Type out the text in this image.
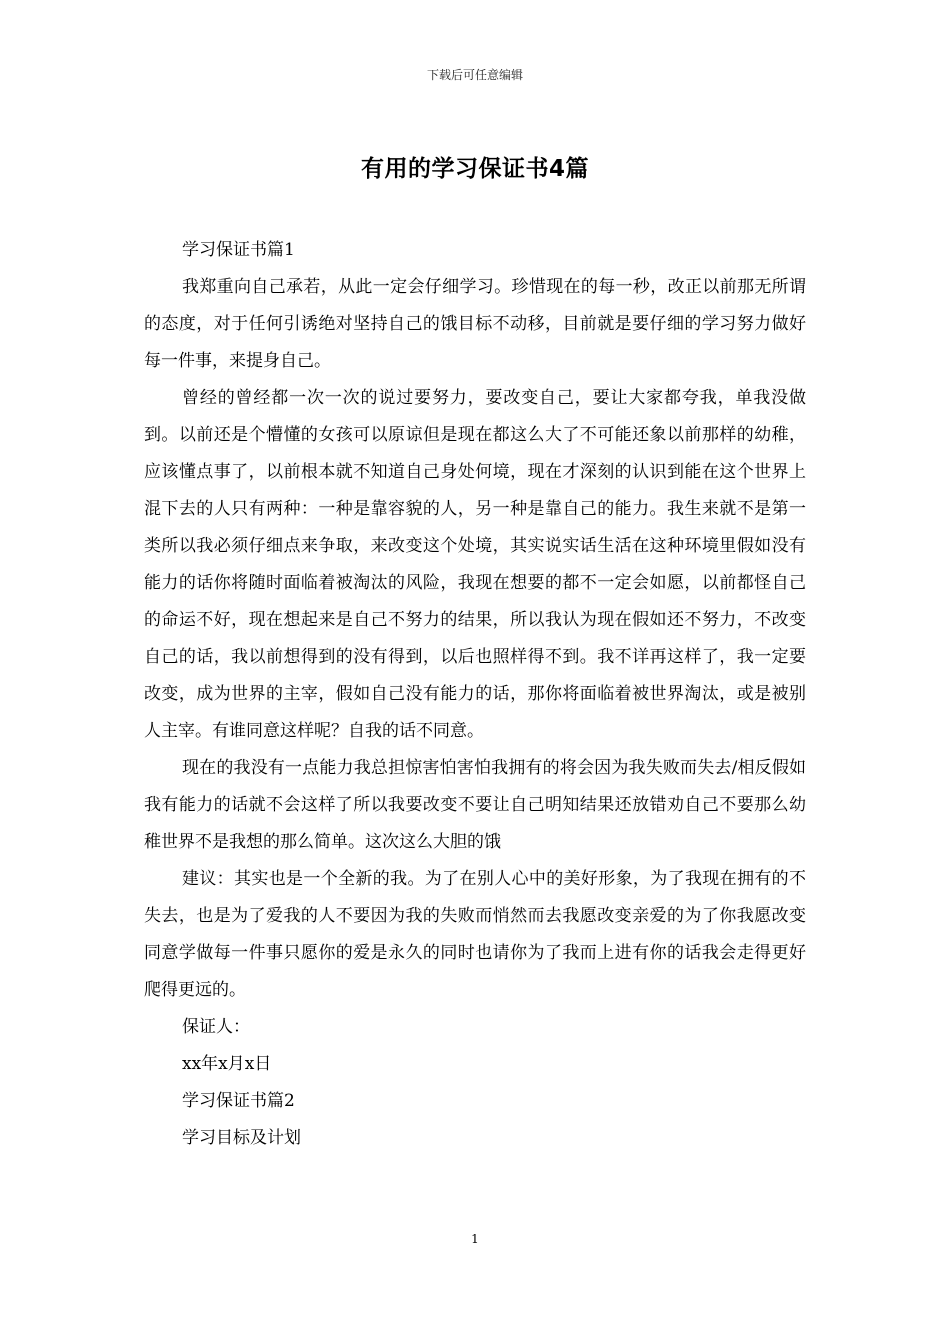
下载后可任意编辑
有用的学习保证书4篇

学习保证书篇1

我郑重向自己承若，从此一定会仔细学习。珍惜现在的每一秒，改正以前那无所谓的态度，对于任何引诱绝对坚持自己的饿目标不动移，目前就是要仔细的学习努力做好每一件事，来提身自己。

曾经的曾经都一次一次的说过要努力，要改变自己，要让大家都夸我，单我没做到。以前还是个懵懂的女孩可以原谅但是现在都这么大了不可能还象以前那样的幼稚，应该懂点事了，以前根本就不知道自己身处何境，现在才深刻的认识到能在这个世界上混下去的人只有两种：一种是靠容貌的人，另一种是靠自己的能力。我生来就不是第一类所以我必须仔细点来争取，来改变这个处境，其实说实话生活在这种环境里假如没有能力的话你将随时面临着被淘汰的风险，我现在想要的都不一定会如愿，以前都怪自己的命运不好，现在想起来是自己不努力的结果，所以我认为现在假如还不努力，不改变自己的话，我以前想得到的没有得到，以后也照样得不到。我不详再这样了，我一定要改变，成为世界的主宰，假如自己没有能力的话，那你将面临着被世界淘汰，或是被别人主宰。有谁同意这样呢？自我的话不同意。

现在的我没有一点能力我总担惊害怕害怕我拥有的将会因为我失败而失去/相反假如我有能力的话就不会这样了所以我要改变不要让自己明知结果还放错劝自己不要那么幼稚世界不是我想的那么简单。这次这么大胆的饿

建议：其实也是一个全新的我。为了在别人心中的美好形象，为了我现在拥有的不失去，也是为了爱我的人不要因为我的失败而悄然而去我愿改变亲爱的为了你我愿改变同意学做每一件事只愿你的爱是永久的同时也请你为了我而上进有你的话我会走得更好爬得更远的。

保证人：

xx年x月x日

学习保证书篇2

学习目标及计划

1
